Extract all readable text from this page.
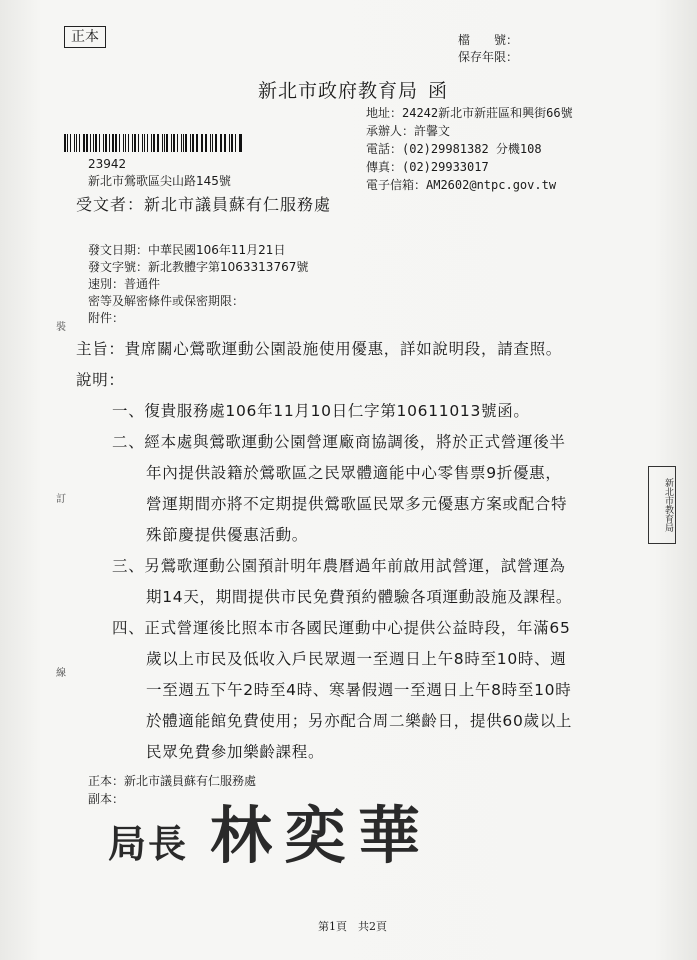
正本	檔　　號：
保存年限：
新北市政府教育局 函
地址：24242新北市新莊區和興街66號
承辦人：許馨文
電話：(02)29981382 分機108
傳真：(02)29933017
電子信箱：AM2602@ntpc.gov.tw
23942
新北市鶯歌區尖山路145號
受文者：新北市議員蘇有仁服務處
發文日期：中華民國106年11月21日
發文字號：新北教體字第1063313767號
速別：普通件
密等及解密條件或保密期限：
附件：
裝
訂
線
主旨：貴席關心鶯歌運動公園設施使用優惠，詳如說明段，請查照。
說明：
一、復貴服務處106年11月10日仁字第10611013號函。
二、經本處與鶯歌運動公園營運廠商協調後，將於正式營運後半
年內提供設籍於鶯歌區之民眾體適能中心零售票9折優惠，
營運期間亦將不定期提供鶯歌區民眾多元優惠方案或配合特
殊節慶提供優惠活動。
三、另鶯歌運動公園預計明年農曆過年前啟用試營運，試營運為
期14天，期間提供市民免費預約體驗各項運動設施及課程。
四、正式營運後比照本市各國民運動中心提供公益時段，年滿65
歲以上市民及低收入戶民眾週一至週日上午8時至10時、週
一至週五下午2時至4時、寒暑假週一至週日上午8時至10時
於體適能館免費使用；另亦配合周二樂齡日，提供60歲以上
民眾免費參加樂齡課程。
正本：新北市議員蘇有仁服務處
副本：
局長 林奕華
新北市教育局
第1頁　共2頁
